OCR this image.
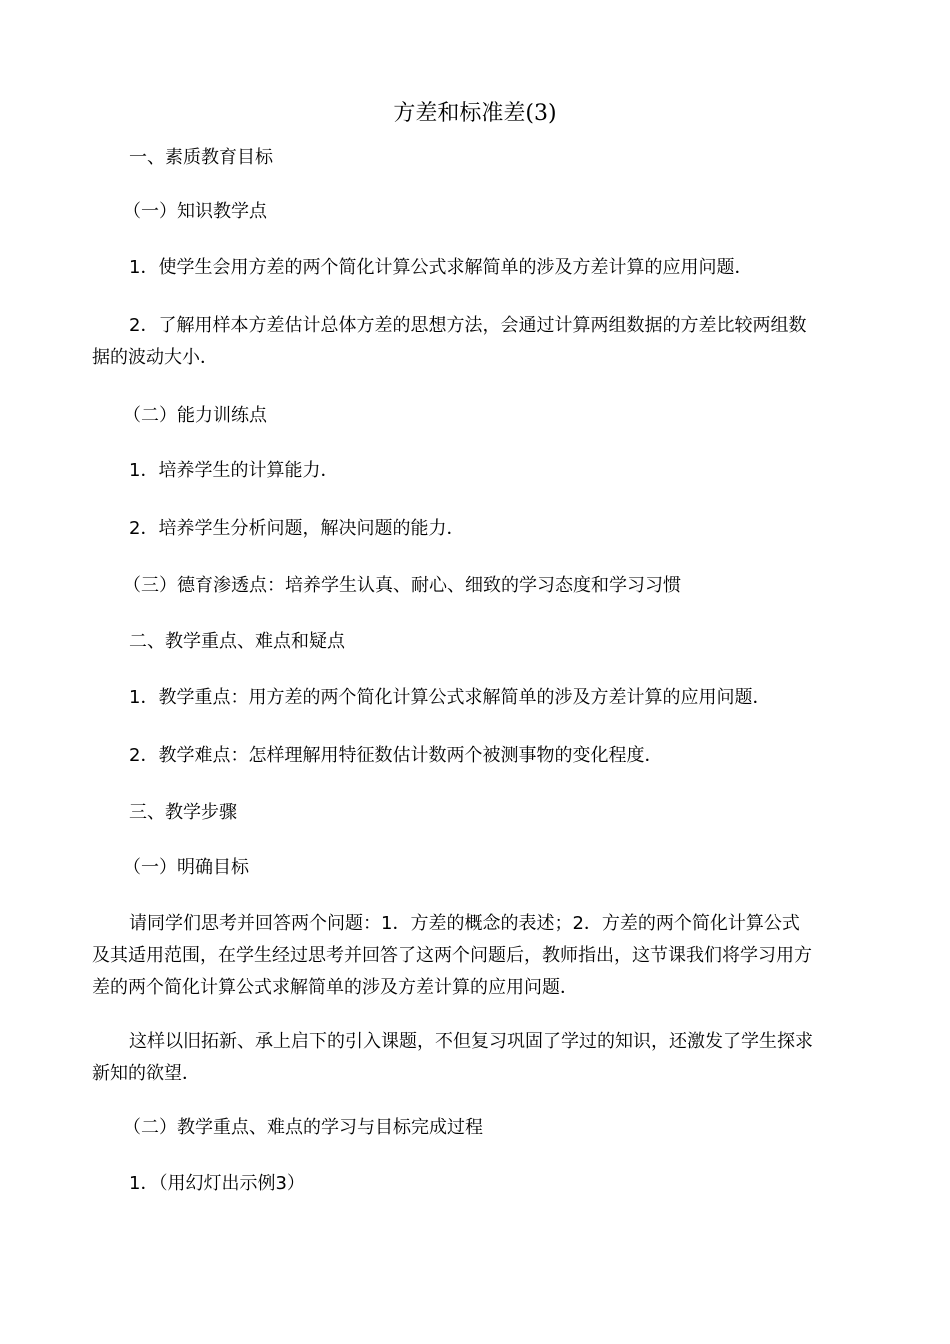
方差和标准差(3)
一、素质教育目标
（一）知识教学点
1．使学生会用方差的两个简化计算公式求解简单的涉及方差计算的应用问题．
2．了解用样本方差估计总体方差的思想方法，会通过计算两组数据的方差比较两组数
据的波动大小．
（二）能力训练点
1．培养学生的计算能力．
2．培养学生分析问题，解决问题的能力．
（三）德育渗透点：培养学生认真、耐心、细致的学习态度和学习习惯
二、教学重点、难点和疑点
1．教学重点：用方差的两个简化计算公式求解简单的涉及方差计算的应用问题．
2．教学难点：怎样理解用特征数估计数两个被测事物的变化程度．
三、教学步骤
（一）明确目标
请同学们思考并回答两个问题：1．方差的概念的表述；2．方差的两个简化计算公式
及其适用范围，在学生经过思考并回答了这两个问题后，教师指出，这节课我们将学习用方
差的两个简化计算公式求解简单的涉及方差计算的应用问题．
这样以旧拓新、承上启下的引入课题，不但复习巩固了学过的知识，还激发了学生探求
新知的欲望．
（二）教学重点、难点的学习与目标完成过程
1．（用幻灯出示例3）
